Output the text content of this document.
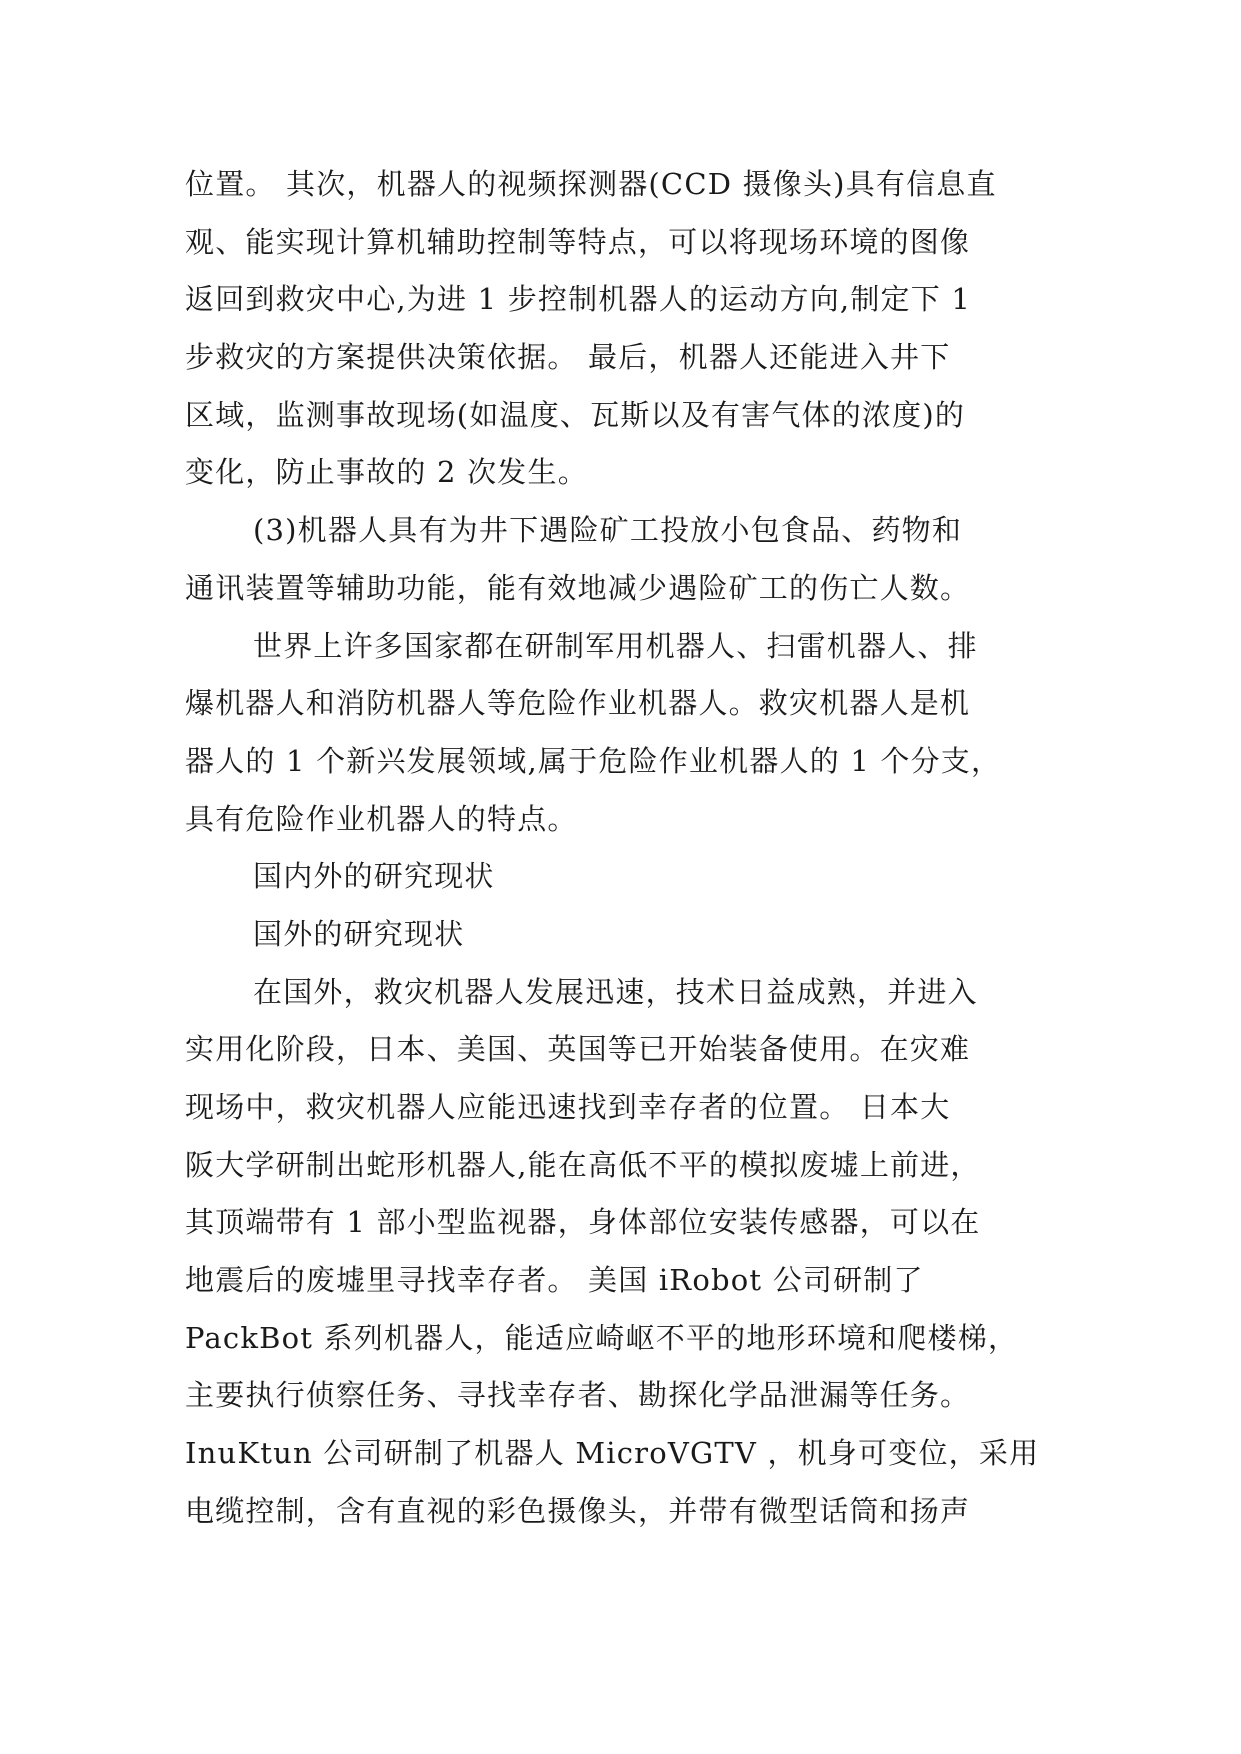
位置。 其次，机器人的视频探测器(CCD 摄像头)具有信息直
观、能实现计算机辅助控制等特点，可以将现场环境的图像
返回到救灾中心,为进 1 步控制机器人的运动方向,制定下 1
步救灾的方案提供决策依据。 最后，机器人还能进入井下
区域，监测事故现场(如温度、瓦斯以及有害气体的浓度)的
变化，防止事故的 2 次发生。
(3)机器人具有为井下遇险矿工投放小包食品、药物和
通讯装置等辅助功能，能有效地减少遇险矿工的伤亡人数。
世界上许多国家都在研制军用机器人、扫雷机器人、排
爆机器人和消防机器人等危险作业机器人。救灾机器人是机
器人的 1 个新兴发展领域,属于危险作业机器人的 1 个分支，
具有危险作业机器人的特点。
国内外的研究现状
国外的研究现状
在国外，救灾机器人发展迅速，技术日益成熟，并进入
实用化阶段，日本、美国、英国等已开始装备使用。在灾难
现场中，救灾机器人应能迅速找到幸存者的位置。 日本大
阪大学研制出蛇形机器人,能在高低不平的模拟废墟上前进，
其顶端带有 1 部小型监视器，身体部位安装传感器，可以在
地震后的废墟里寻找幸存者。 美国 iRobot 公司研制了
PackBot 系列机器人，能适应崎岖不平的地形环境和爬楼梯，
主要执行侦察任务、寻找幸存者、勘探化学品泄漏等任务。
InuKtun 公司研制了机器人 MicroVGTV ，机身可变位，采用
电缆控制，含有直视的彩色摄像头，并带有微型话筒和扬声
